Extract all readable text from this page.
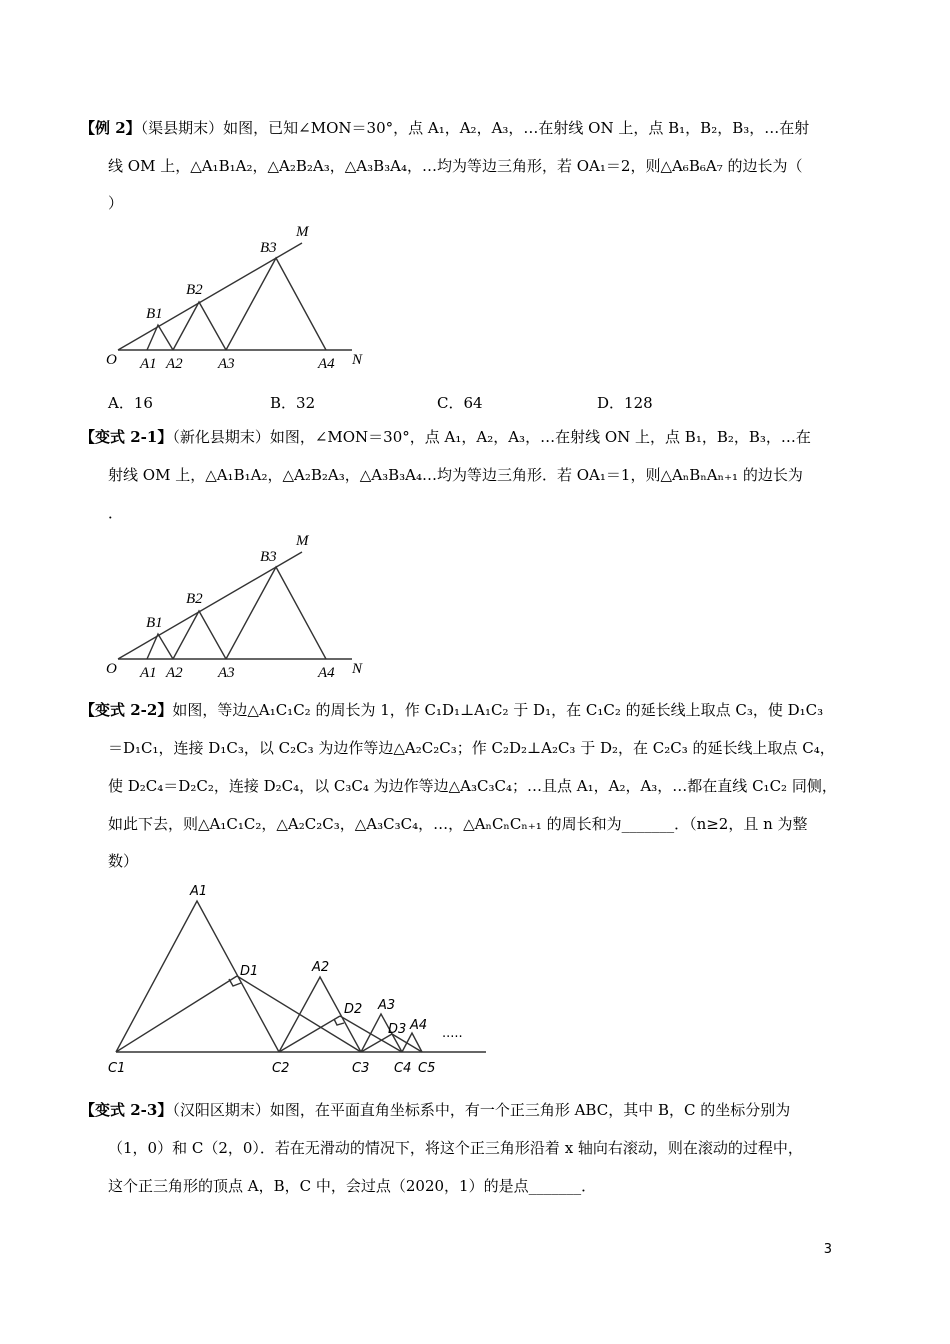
【例 2】（渠县期末）如图，已知∠MON＝30°，点 A₁，A₂，A₃，…在射线 ON 上，点 B₁，B₂，B₃，…在射
线 OM 上，△A₁B₁A₂，△A₂B₂A₃，△A₃B₃A₄，…均为等边三角形，若 OA₁＝2，则△A₆B₆A₇ 的边长为（
）
M
B3
B2
B1
O A1 A2 A3	A4 N
A．16	B．32	C．64	D．128
【变式 2-1】（新化县期末）如图，∠MON＝30°，点 A₁，A₂，A₃，…在射线 ON 上，点 B₁，B₂，B₃，…在
射线 OM 上，△A₁B₁A₂，△A₂B₂A₃，△A₃B₃A₄…均为等边三角形．若 OA₁＝1，则△AₙBₙAₙ₊₁ 的边长为
．
M
B3
B2
B1
O A1 A2 A3	A4 N
【变式 2-2】如图，等边△A₁C₁C₂ 的周长为 1，作 C₁D₁⊥A₁C₂ 于 D₁，在 C₁C₂ 的延长线上取点 C₃，使 D₁C₃
＝D₁C₁，连接 D₁C₃，以 C₂C₃ 为边作等边△A₂C₂C₃；作 C₂D₂⊥A₂C₃ 于 D₂，在 C₂C₃ 的延长线上取点 C₄，
使 D₂C₄＝D₂C₂，连接 D₂C₄，以 C₃C₄ 为边作等边△A₃C₃C₄；…且点 A₁，A₂，A₃，…都在直线 C₁C₂ 同侧，
如此下去，则△A₁C₁C₂，△A₂C₂C₃，△A₃C₃C₄，…，△AₙCₙCₙ₊₁ 的周长和为_______．（n≥2，且 n 为整
数）
A1
D1	A2
D2 A3
D3 A4
C1	C2	C3 C4 C5
.....
【变式 2-3】（汉阳区期末）如图，在平面直角坐标系中，有一个正三角形 ABC，其中 B，C 的坐标分别为
（1，0）和 C（2，0）．若在无滑动的情况下，将这个正三角形沿着 x 轴向右滚动，则在滚动的过程中，
这个正三角形的顶点 A，B，C 中，会过点（2020，1）的是点_______．
3
